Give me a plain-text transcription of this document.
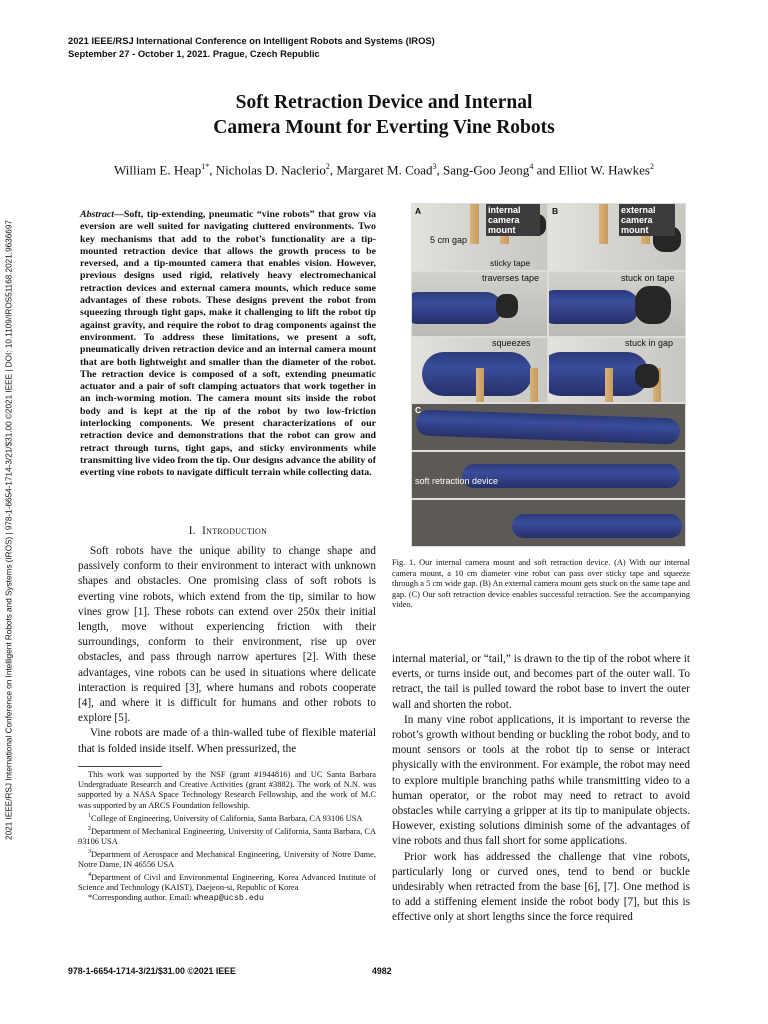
2021 IEEE/RSJ International Conference on Intelligent Robots and Systems (IROS)
September 27 - October 1, 2021. Prague, Czech Republic
Soft Retraction Device and Internal
Camera Mount for Everting Vine Robots
William E. Heap$^{1*}$, Nicholas D. Naclerio$^2$, Margaret M. Coad$^3$, Sang-Goo Jeong$^4$ and Elliot W. Hawkes$^2$
2021 IEEE/RSJ International Conference on Intelligent Robots and Systems (IROS) | 978-1-6654-1714-3/21/$31.00 ©2021 IEEE | DOI: 10.1109/IROS51168.2021.9636697
Abstract—Soft, tip-extending, pneumatic “vine robots” that grow via eversion are well suited for navigating cluttered environments. Two key mechanisms that add to the robot’s functionality are a tip-mounted retraction device that allows the growth process to be reversed, and a tip-mounted camera that enables vision. However, previous designs used rigid, relatively heavy electromechanical retraction devices and external camera mounts, which reduce some advantages of these robots. These designs prevent the robot from squeezing through tight gaps, make it challenging to lift the robot tip against gravity, and require the robot to drag components against the environment. To address these limitations, we present a soft, pneumatically driven retraction device and an internal camera mount that are both lightweight and smaller than the diameter of the robot. The retraction device is composed of a soft, extending pneumatic actuator and a pair of soft clamping actuators that work together in an inch-worming motion. The camera mount sits inside the robot body and is kept at the tip of the robot by two low-friction interlocking components. We present characterizations of our retraction device and demonstrations that the robot can grow and retract through turns, tight gaps, and sticky environments while transmitting live video from the tip. Our designs advance the ability of everting vine robots to navigate difficult terrain while collecting data.
I. Introduction

Soft robots have the unique ability to change shape and passively conform to their environment to interact with unknown shapes and obstacles. One promising class of soft robots is everting vine robots, which extend from the tip, similar to how vines grow [1]. These robots can extend over 250x their initial length, move without experiencing friction with their surroundings, conform to their environment, rise up over obstacles, and pass through narrow apertures [2]. With these advantages, vine robots can be used in situations where delicate interaction is required [3], where humans and robots cooperate [4], and where it is difficult for humans and other robots to explore [5].

Vine robots are made of a thin-walled tube of flexible material that is folded inside itself. When pressurized, the

This work was supported by the NSF (grant #1944816) and UC Santa Barbara Undergraduate Research and Creative Activities (grant #3882). The work of N.N. was supported by a NASA Space Technology Research Fellowship, and the work of M.C was supported by an ARCS Foundation fellowship.

$^1$College of Engineering, University of California, Santa Barbara, CA 93106 USA

$^2$Department of Mechanical Engineering, University of California, Santa Barbara, CA 93106 USA

$^3$Department of Aerospace and Mechanical Engineering, University of Notre Dame, Notre Dame, IN 46556 USA

$^4$Department of Civil and Environmental Engineering, Korea Advanced Institute of Science and Technology (KAIST), Daejeon-si, Republic of Korea

*Corresponding author. Email: wheap@ucsb.edu

A
5 cm gap
internal camera mount
sticky tape
B	external camera mount
traverses tape	stuck on tape
squeezes	stuck in gap
C
soft retraction device
Fig. 1. Our internal camera mount and soft retraction device. (A) With our internal camera mount, a 10 cm diameter vine robot can pass over sticky tape and squeeze through a 5 cm wide gap. (B) An external camera mount gets stuck on the same tape and gap. (C) Our soft retraction device enables successful retraction. See the accompanying video.

internal material, or “tail,” is drawn to the tip of the robot where it everts, or turns inside out, and becomes part of the outer wall. To retract, the tail is pulled toward the robot base to invert the outer wall and shorten the robot.

In many vine robot applications, it is important to reverse the robot’s growth without bending or buckling the robot body, and to mount sensors or tools at the robot tip to sense or interact physically with the environment. For example, the robot may need to explore multiple branching paths while transmitting video to a human operator, or the robot may need to retract to avoid obstacles while carrying a gripper at its tip to manipulate objects. However, existing solutions diminish some of the advantages of vine robots and thus fall short for some applications.

Prior work has addressed the challenge that vine robots, particularly long or curved ones, tend to bend or buckle undesirably when retracted from the base [6], [7]. One method is to add a stiffening element inside the robot body [7], but this is effective only at short lengths since the force required

978-1-6654-1714-3/21/$31.00 ©2021 IEEE	4982
